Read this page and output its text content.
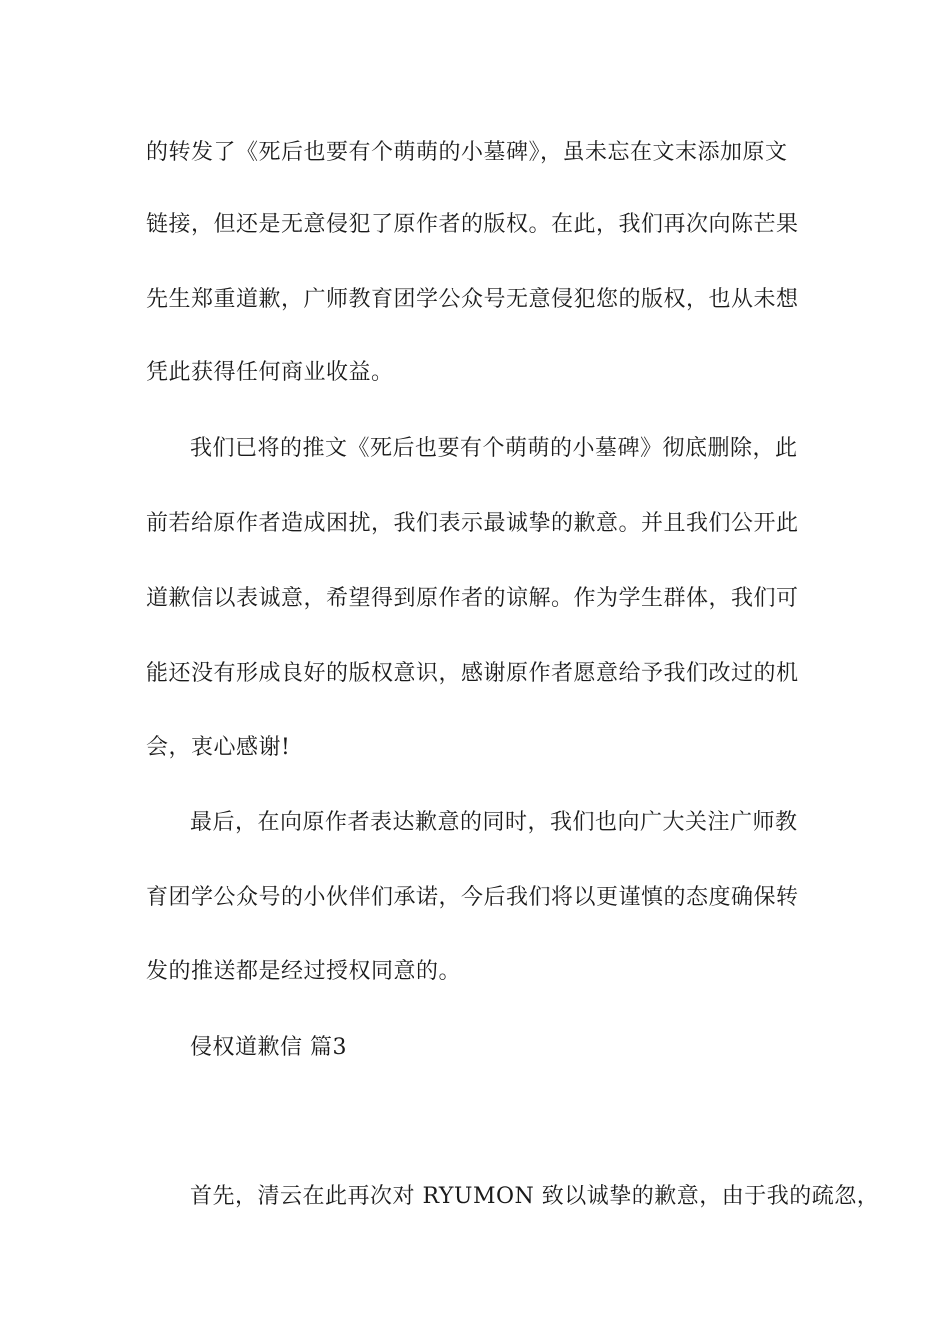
的转发了《死后也要有个萌萌的小墓碑》，虽未忘在文末添加原文
链接，但还是无意侵犯了原作者的版权。在此，我们再次向陈芒果
先生郑重道歉，广师教育团学公众号无意侵犯您的版权，也从未想
凭此获得任何商业收益。
我们已将的推文《死后也要有个萌萌的小墓碑》彻底删除，此
前若给原作者造成困扰，我们表示最诚挚的歉意。并且我们公开此
道歉信以表诚意，希望得到原作者的谅解。作为学生群体，我们可
能还没有形成良好的版权意识，感谢原作者愿意给予我们改过的机
会，衷心感谢!
最后，在向原作者表达歉意的同时，我们也向广大关注广师教
育团学公众号的小伙伴们承诺，今后我们将以更谨慎的态度确保转
发的推送都是经过授权同意的。
侵权道歉信 篇3
首先，清云在此再次对 RYUMON 致以诚挚的歉意，由于我的疏忽，
